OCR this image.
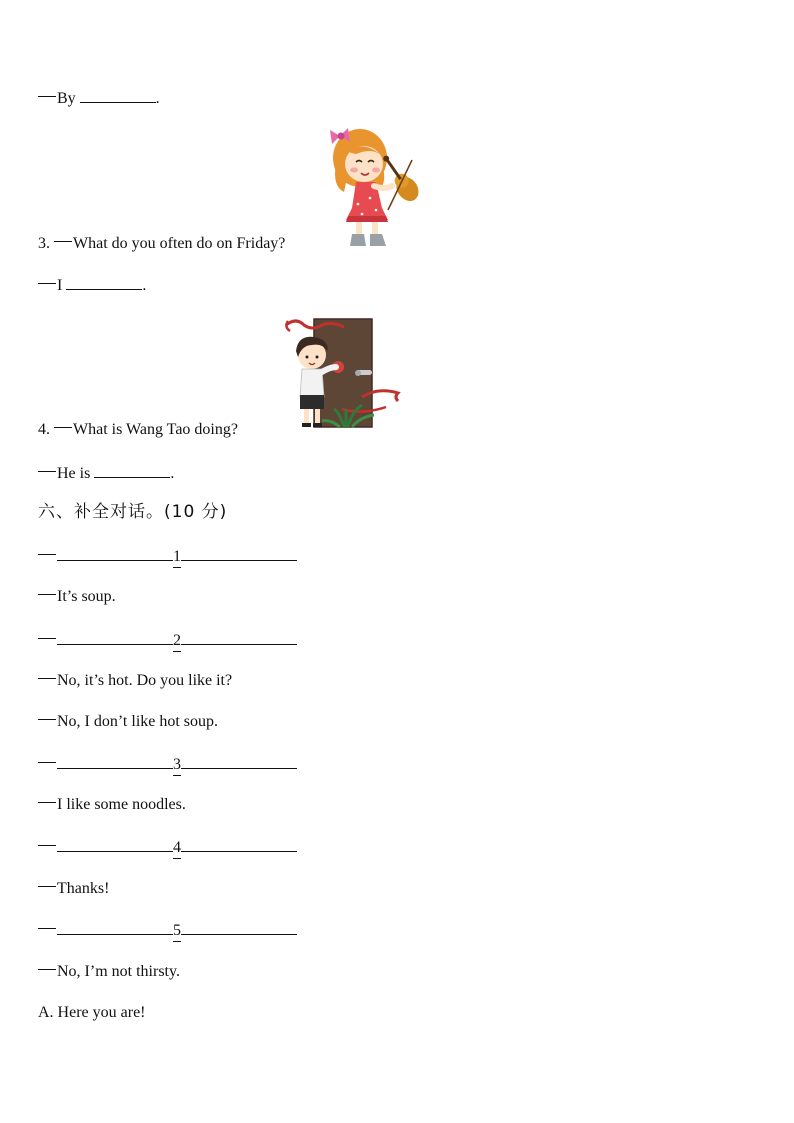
By	.
3. What do you often do on Friday?
I	.
4. What is Wang Tao doing?
He is	.
六、补全对话。(10 分)
1
It’s soup.
2
No, it’s hot. Do you like it?
No, I don’t like hot soup.
3
I like some noodles.
4
Thanks!
5
No, I’m not thirsty.
A. Here you are!
